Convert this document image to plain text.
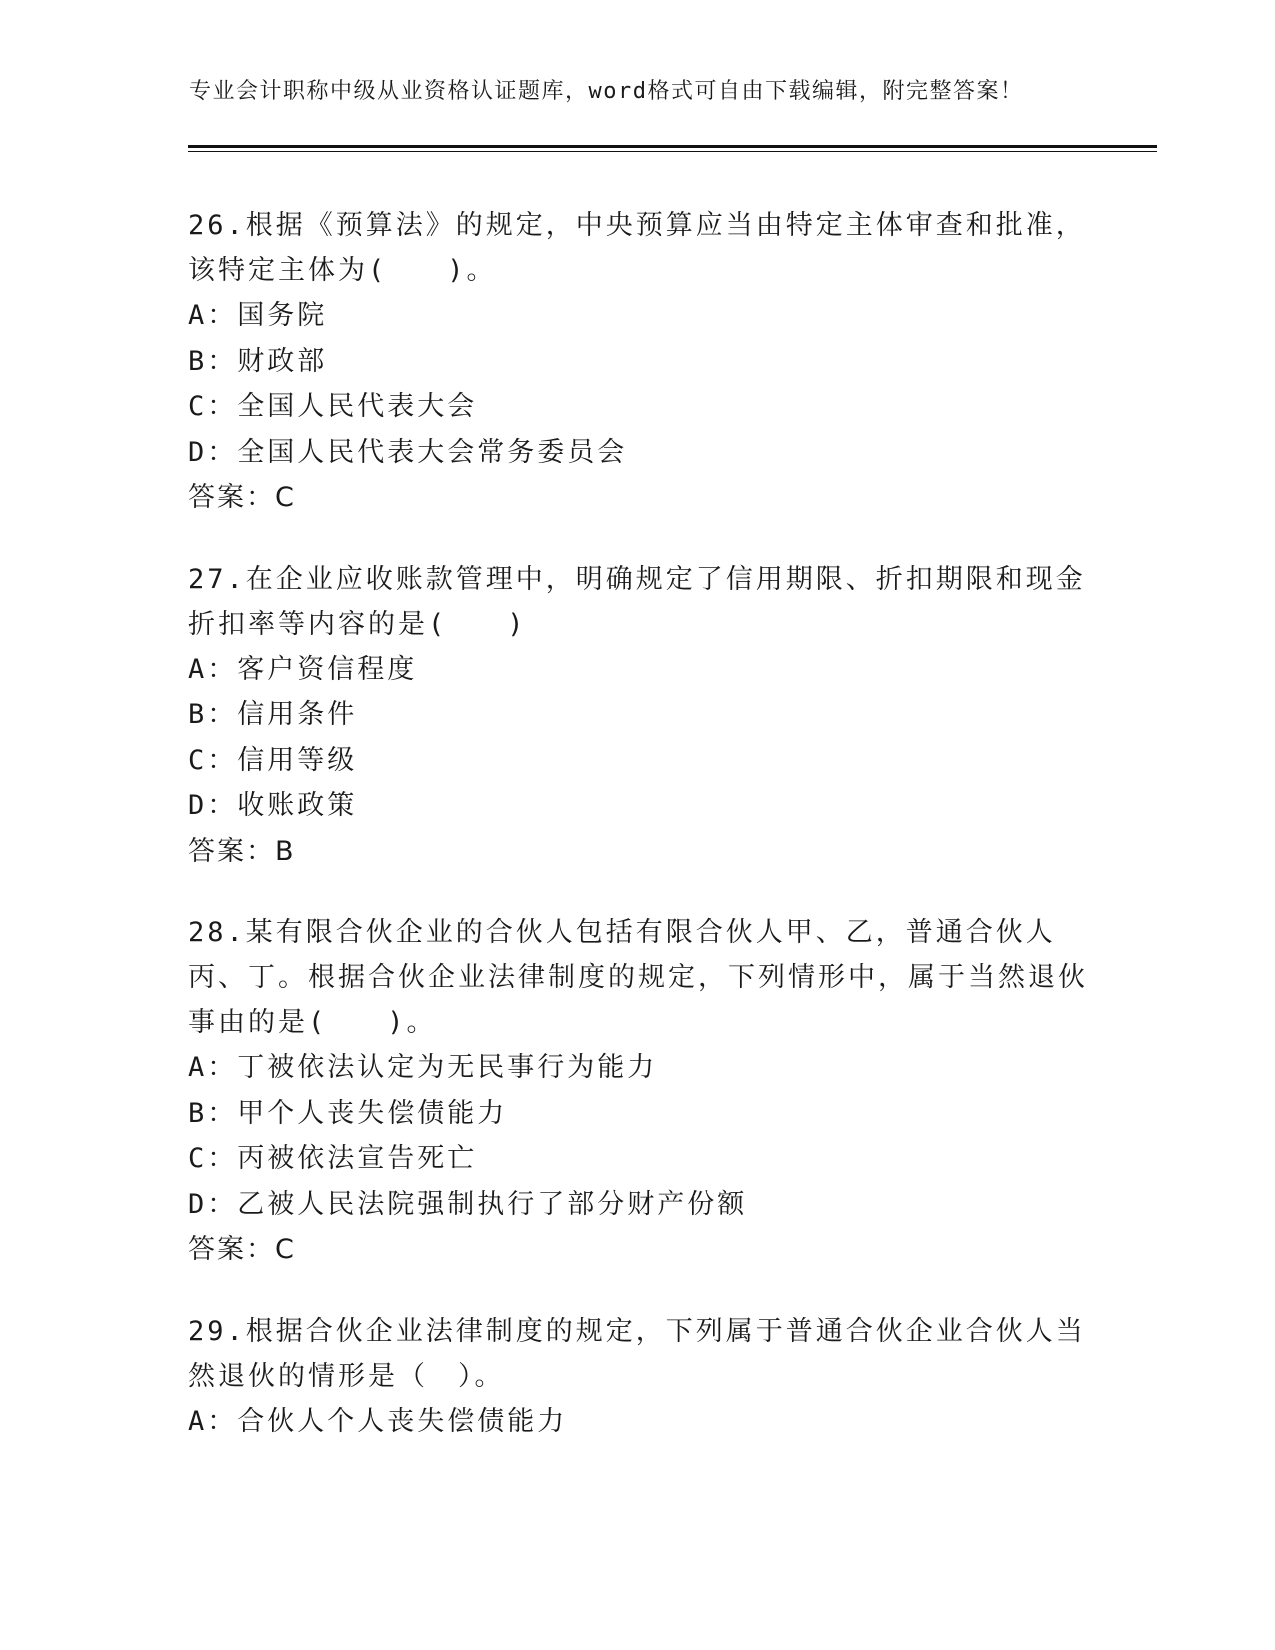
专业会计职称中级从业资格认证题库，word格式可自由下载编辑，附完整答案！

26.根据《预算法》的规定，中央预算应当由特定主体审查和批准，该特定主体为(　　)。

A：国务院

B：财政部

C：全国人民代表大会

D：全国人民代表大会常务委员会

答案：C

27.在企业应收账款管理中，明确规定了信用期限、折扣期限和现金折扣率等内容的是(　　)

A：客户资信程度

B：信用条件

C：信用等级

D：收账政策

答案：B

28.某有限合伙企业的合伙人包括有限合伙人甲、乙，普通合伙人丙、丁。根据合伙企业法律制度的规定，下列情形中，属于当然退伙事由的是(　　)。

A：丁被依法认定为无民事行为能力

B：甲个人丧失偿债能力

C：丙被依法宣告死亡

D：乙被人民法院强制执行了部分财产份额

答案：C

29.根据合伙企业法律制度的规定，下列属于普通合伙企业合伙人当然退伙的情形是（　）。

A：合伙人个人丧失偿债能力
